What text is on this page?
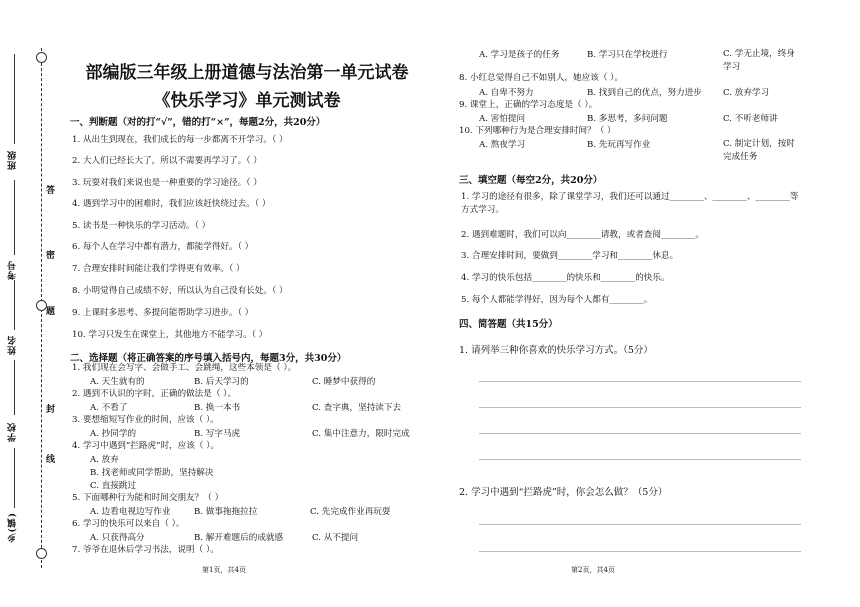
班级
考号
姓名
学校
乡(镇)
答
密
题
封
线
部编版三年级上册道德与法治第一单元试卷
《快乐学习》单元测试卷
一、判断题（对的打“√”，错的打“×”，每题2分，共20分）
1. 从出生到现在，我们成长的每一步都离不开学习。（ ）
2. 大人们已经长大了，所以不需要再学习了。（ ）
3. 玩耍对我们来说也是一种重要的学习途径。（ ）
4. 遇到学习中的困难时，我们应该赶快绕过去。（ ）
5. 读书是一种快乐的学习活动。（ ）
6. 每个人在学习中都有潜力，都能学得好。（ ）
7. 合理安排时间能让我们学得更有效率。（ ）
8. 小明觉得自己成绩不好，所以认为自己没有长处。（ ）
9. 上课时多思考、多提问能帮助学习进步。（ ）
10. 学习只发生在课堂上，其他地方不能学习。（ ）
二、选择题（将正确答案的序号填入括号内，每题3分，共30分）
1. 我们现在会写字、会做手工、会跳绳，这些本领是（ ）。
A. 天生就有的	B. 后天学习的	C. 睡梦中获得的
2. 遇到不认识的字时，正确的做法是（ ）。
A. 不看了	B. 换一本书	C. 查字典，坚持读下去
3. 要想缩短写作业的时间，应该（ ）。
A. 抄同学的	B. 写字马虎	C. 集中注意力，限时完成
4. 学习中遇到“拦路虎”时，应该（ ）。
A. 放弃
B. 找老师或同学帮助，坚持解决
C. 直接跳过
5. 下面哪种行为能和时间交朋友？（ ）
A. 边看电视边写作业	B. 做事拖拖拉拉	C. 先完成作业再玩耍
6. 学习的快乐可以来自（ ）。
A. 只获得高分	B. 解开难题后的成就感	C. 从不提问
7. 爷爷在退休后学习书法，说明（ ）。
第1页，共4页
A. 学习是孩子的任务	B. 学习只在学校进行	C. 学无止境，终身学习
8. 小红总觉得自己不如别人，她应该（ ）。
A. 自卑不努力	B. 找到自己的优点，努力进步 C. 放弃学习
9. 课堂上，正确的学习态度是（ ）。
A. 害怕提问	B. 多思考，多问问题	C. 不听老师讲
10. 下列哪种行为是合理安排时间？（ ）
A. 熬夜学习	B. 先玩再写作业	C. 制定计划，按时完成任务
三、填空题（每空2分，共20分）
1. 学习的途径有很多，除了课堂学习，我们还可以通过________、________、________等方式学习。
2. 遇到难题时，我们可以向________请教，或者查阅________。
3. 合理安排时间，要做到________学习和________休息。
4. 学习的快乐包括________的快乐和________的快乐。
5. 每个人都能学得好，因为每个人都有________。
四、简答题（共15分）
1. 请列举三种你喜欢的快乐学习方式。（5分）
2. 学习中遇到“拦路虎”时，你会怎么做？（5分）
第2页，共4页
